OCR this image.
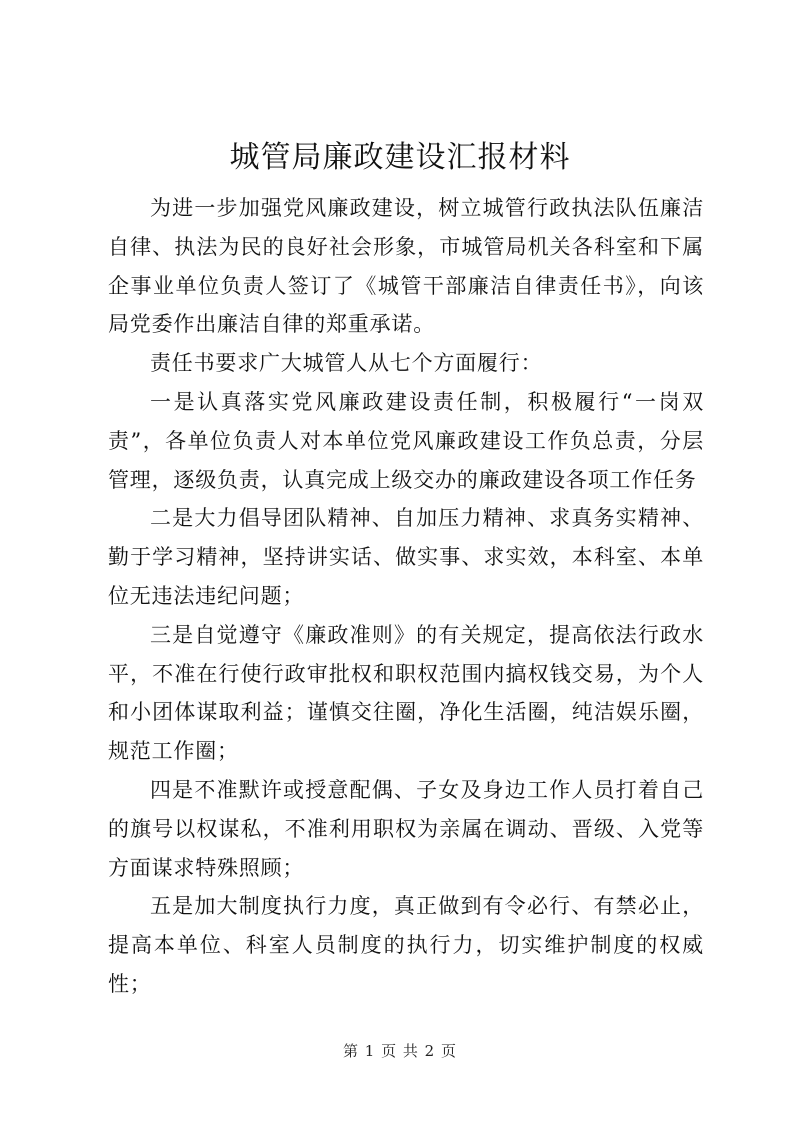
城管局廉政建设汇报材料

为进一步加强党风廉政建设，树立城管行政执法队伍廉洁自律、执法为民的良好社会形象，市城管局机关各科室和下属企事业单位负责人签订了《城管干部廉洁自律责任书》，向该局党委作出廉洁自律的郑重承诺。

责任书要求广大城管人从七个方面履行：

一是认真落实党风廉政建设责任制，积极履行“一岗双责”，各单位负责人对本单位党风廉政建设工作负总责，分层管理，逐级负责，认真完成上级交办的廉政建设各项工作任务

二是大力倡导团队精神、自加压力精神、求真务实精神、勤于学习精神，坚持讲实话、做实事、求实效，本科室、本单位无违法违纪问题；

三是自觉遵守《廉政准则》的有关规定，提高依法行政水平，不准在行使行政审批权和职权范围内搞权钱交易，为个人和小团体谋取利益；谨慎交往圈，净化生活圈，纯洁娱乐圈，规范工作圈；

四是不准默许或授意配偶、子女及身边工作人员打着自己的旗号以权谋私，不准利用职权为亲属在调动、晋级、入党等方面谋求特殊照顾；

五是加大制度执行力度，真正做到有令必行、有禁必止，提高本单位、科室人员制度的执行力，切实维护制度的权威性；

第 1 页 共 2 页
